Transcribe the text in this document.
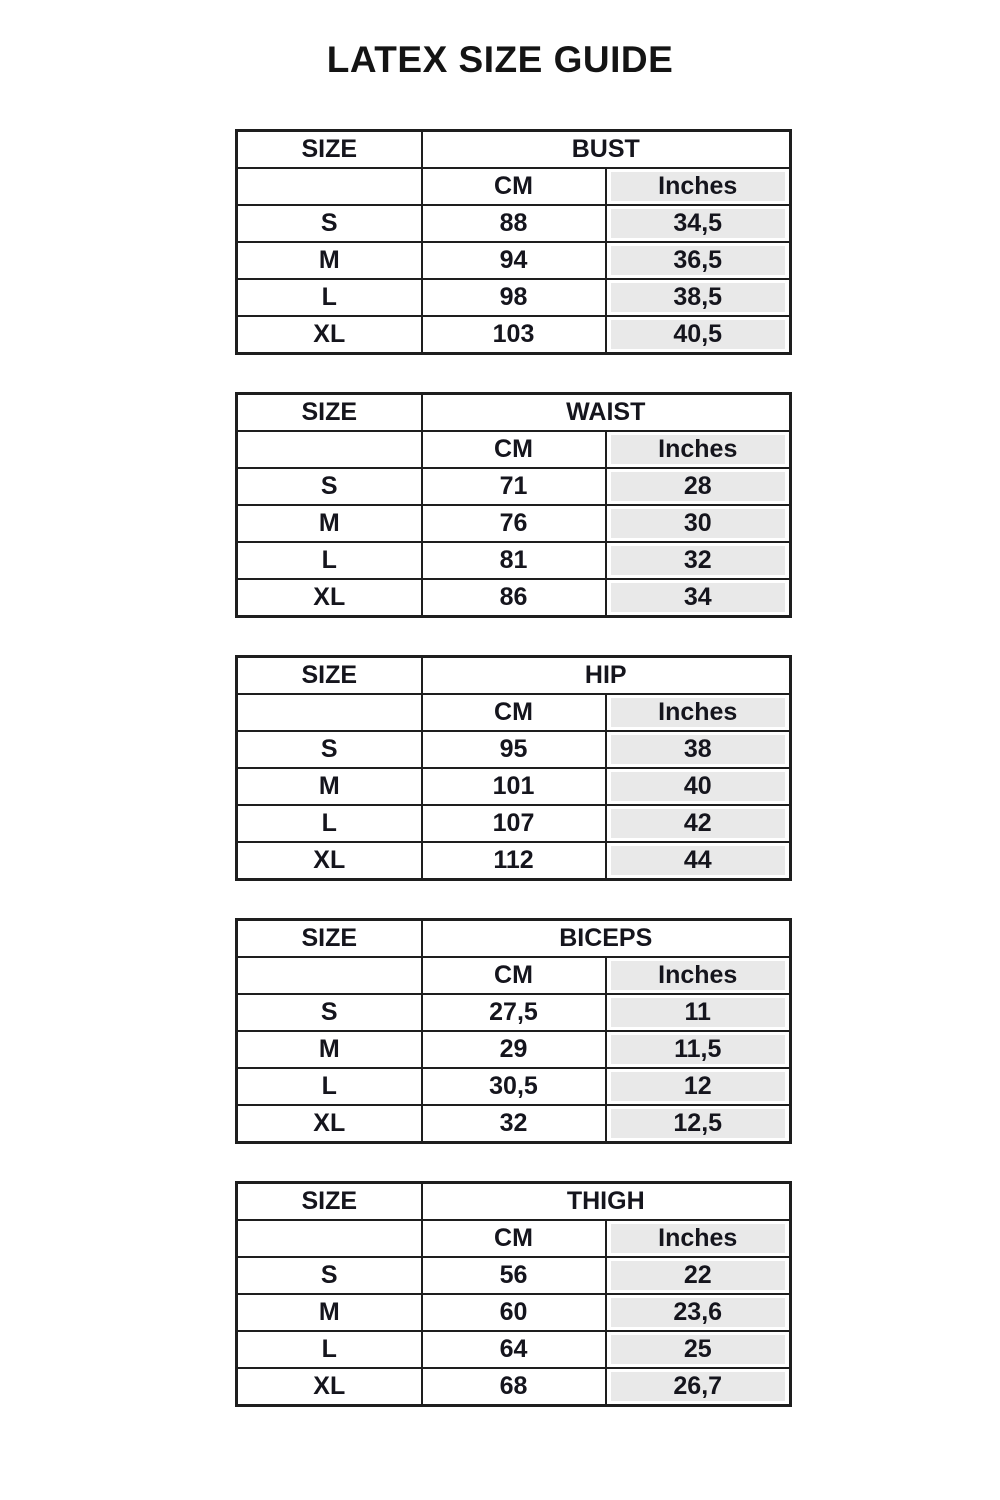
LATEX SIZE GUIDE
SIZE	BUST	
	CM	Inches

S	88	34,5

M	94	36,5

L	98	38,5

XL	103	40,5
SIZE	WAIST	
	CM	Inches

S	71	28

M	76	30

L	81	32

XL	86	34
SIZE	HIP	
	CM	Inches

S	95	38

M	101	40

L	107	42

XL	112	44
SIZE	BICEPS	
	CM	Inches

S	27,5	11

M	29	11,5

L	30,5	12

XL	32	12,5
SIZE	THIGH	
	CM	Inches

S	56	22

M	60	23,6

L	64	25

XL	68	26,7
